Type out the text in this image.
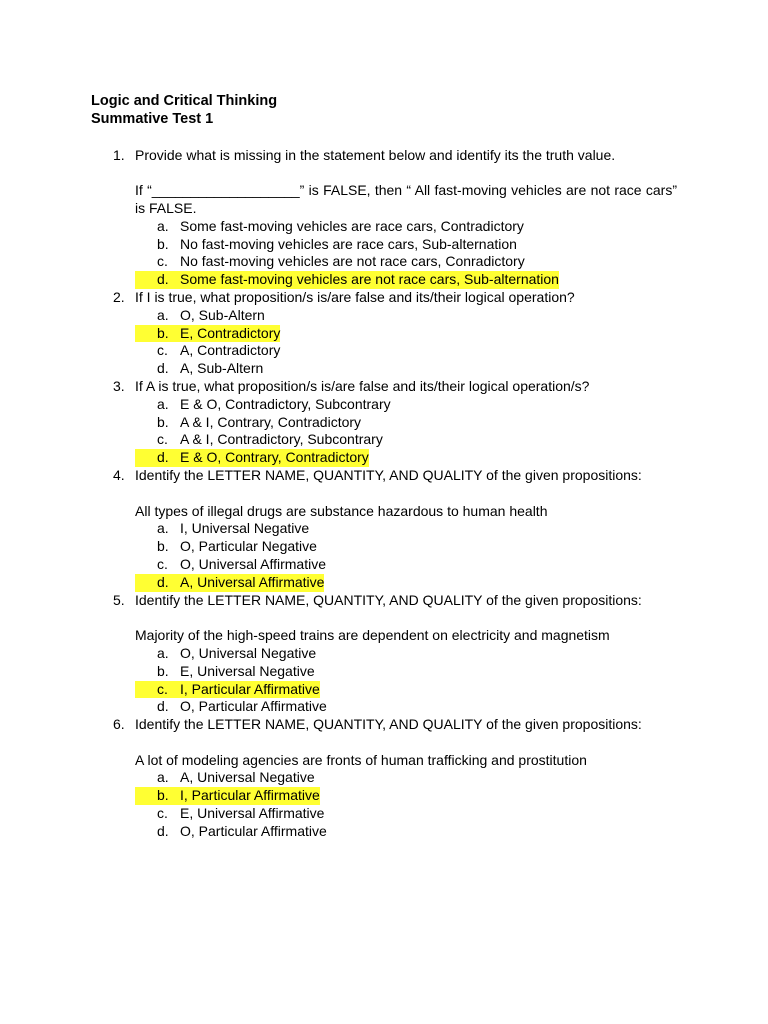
Logic and Critical Thinking
Summative Test 1
1. Provide what is missing in the statement below and identify its the truth value.
If “___________________” is FALSE, then “ All fast-moving vehicles are not race cars” is FALSE.
a. Some fast-moving vehicles are race cars, Contradictory
b. No fast-moving vehicles are race cars, Sub-alternation
c. No fast-moving vehicles are not race cars, Conradictory
d. Some fast-moving vehicles are not race cars, Sub-alternation
2. If I is true, what proposition/s is/are false and its/their logical operation?
a. O, Sub-Altern
b. E, Contradictory
c. A, Contradictory
d. A, Sub-Altern
3. If A is true, what proposition/s is/are false and its/their logical operation/s?
a. E & O, Contradictory, Subcontrary
b. A & I, Contrary, Contradictory
c. A & I, Contradictory, Subcontrary
d. E & O, Contrary, Contradictory
4. Identify the LETTER NAME, QUANTITY, AND QUALITY of the given propositions:
All types of illegal drugs are substance hazardous to human health
a. I, Universal Negative
b. O, Particular Negative
c. O, Universal Affirmative
d. A, Universal Affirmative
5. Identify the LETTER NAME, QUANTITY, AND QUALITY of the given propositions:
Majority of the high-speed trains are dependent on electricity and magnetism
a. O, Universal Negative
b. E, Universal Negative
c. I, Particular Affirmative
d. O, Particular Affirmative
6. Identify the LETTER NAME, QUANTITY, AND QUALITY of the given propositions:
A lot of modeling agencies are fronts of human trafficking and prostitution
a. A, Universal Negative
b. I, Particular Affirmative
c. E, Universal Affirmative
d. O, Particular Affirmative
